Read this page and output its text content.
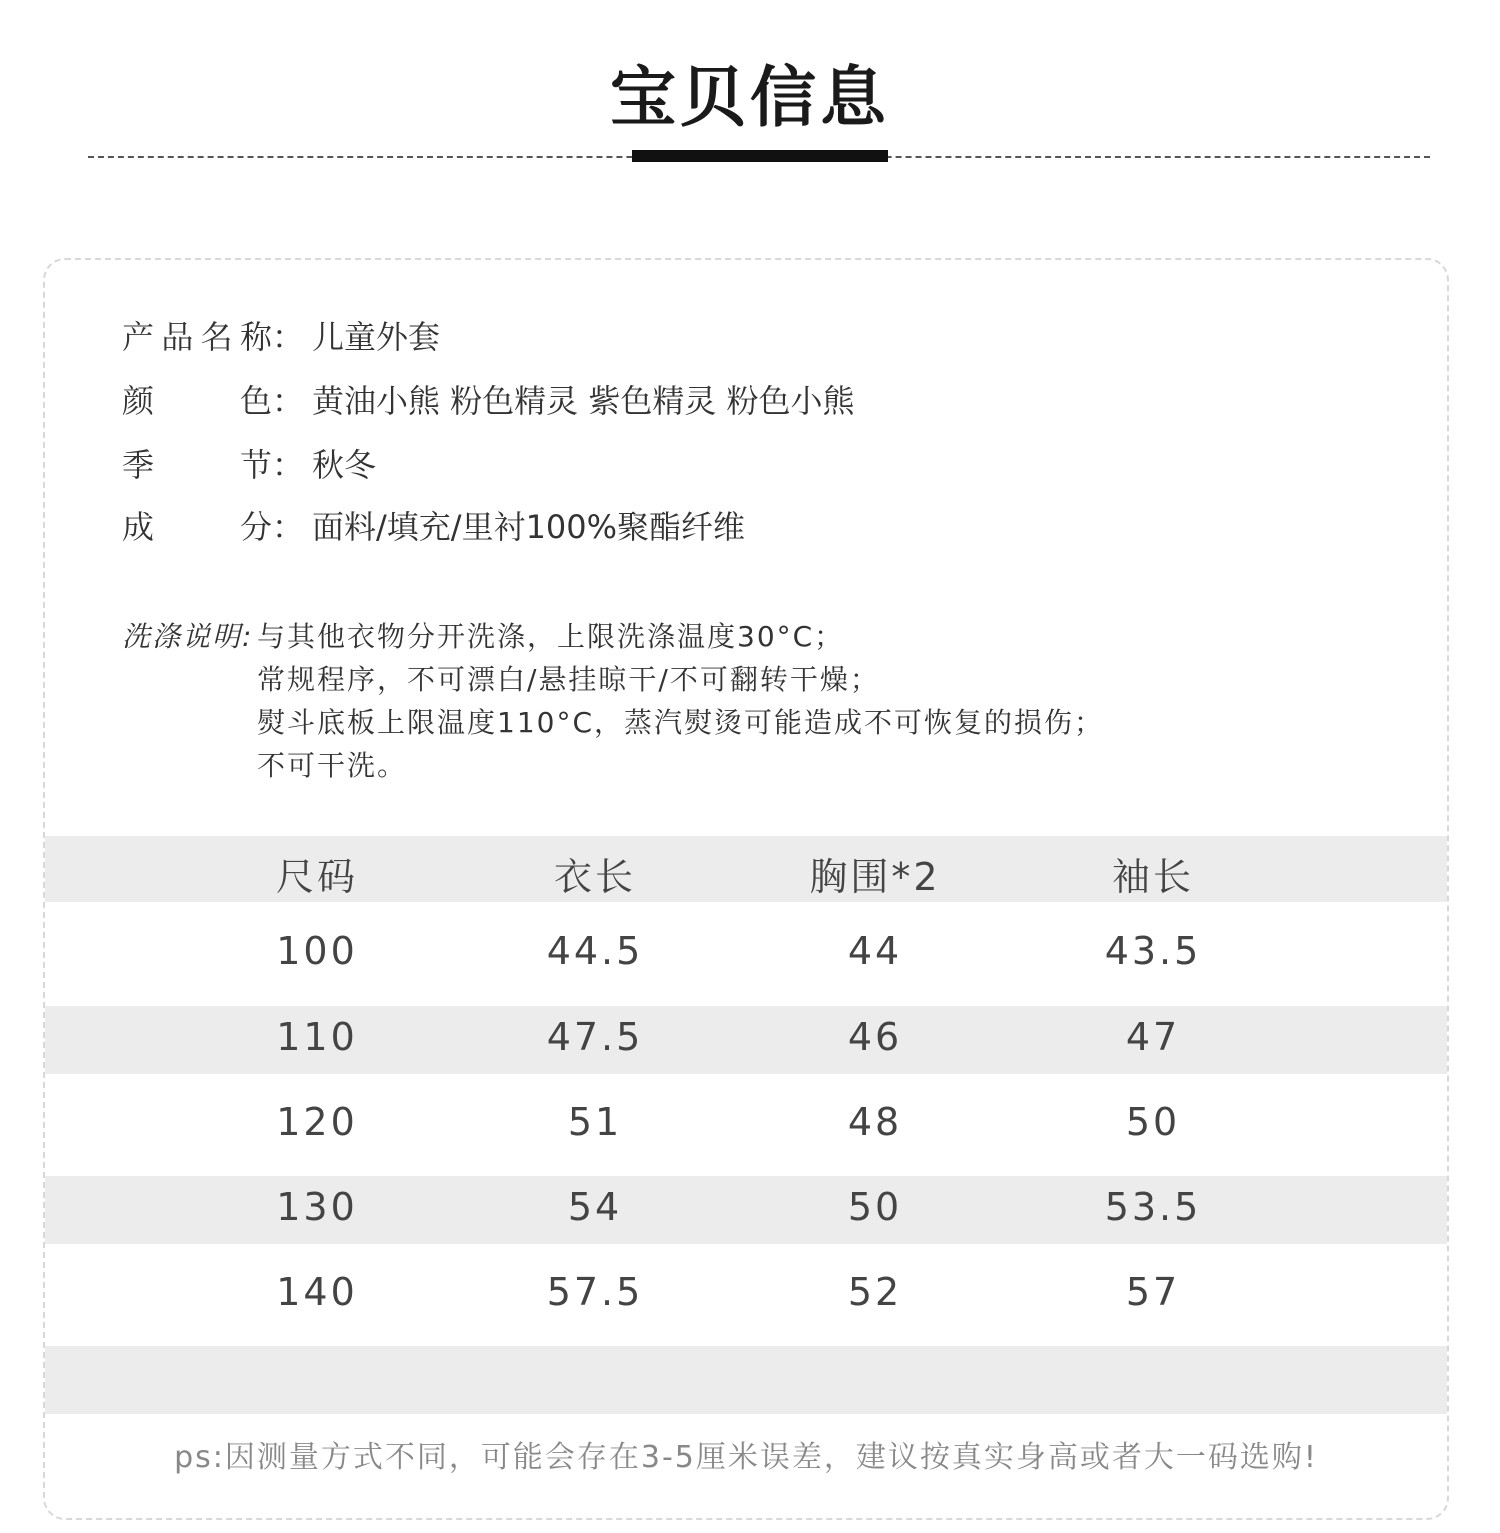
宝贝信息
产 品 名 称 ： 儿童外套
颜	色 ： 黄油小熊 粉色精灵 紫色精灵 粉色小熊
季	节 ： 秋冬
成	分 ： 面料/填充/里衬100%聚酯纤维
洗涤说明: 与其他衣物分开洗涤，上限洗涤温度30°C；
常规程序，不可漂白/悬挂晾干/不可翻转干燥；
熨斗底板上限温度110°C，蒸汽熨烫可能造成不可恢复的损伤；
不可干洗。
尺码	衣长	胸围*2	袖长
100	44.5	44	43.5
110	47.5	46	47
120	51	48	50
130	54	50	53.5
140	57.5	52	57
ps:因测量方式不同，可能会存在3-5厘米误差，建议按真实身高或者大一码选购!
